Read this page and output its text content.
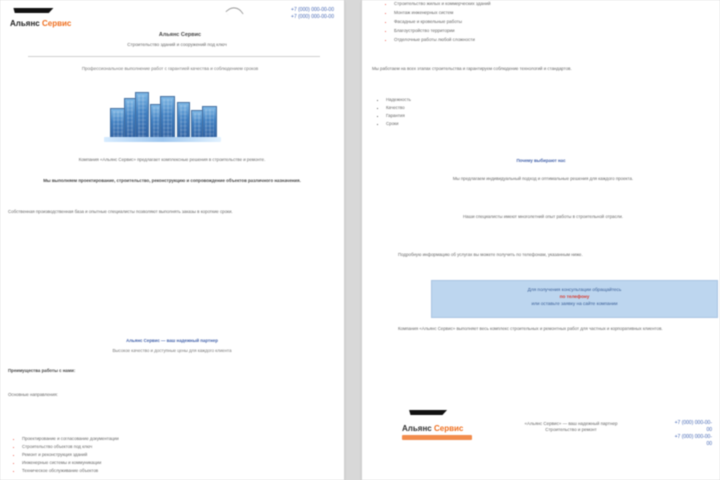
Альянс Сервис
+7 (000) 000-00-00
+7 (000) 000-00-00
Альянс Сервис
Строительство зданий и сооружений под ключ
Профессиональное выполнение работ с гарантией качества и соблюдением сроков
Компания «Альянс Сервис» предлагает комплексные решения в строительстве и ремонте.
Мы выполняем проектирование, строительство, реконструкцию и сопровождение объектов различного назначения.
Собственная производственная база и опытные специалисты позволяют выполнять заказы в короткие сроки.
Альянс Сервис — ваш надежный партнер
Высокое качество и доступные цены для каждого клиента
Преимущества работы с нами:
Основные направления:
• Проектирование и согласование документации
• Строительство объектов под ключ
• Ремонт и реконструкция зданий
• Инженерные системы и коммуникации
• Техническое обслуживание объектов
• Строительство жилых и коммерческих зданий
• Монтаж инженерных систем
• Фасадные и кровельные работы
• Благоустройство территории
• Отделочные работы любой сложности
Мы работаем на всех этапах строительства и гарантируем соблюдение технологий и стандартов.
• Надежность
• Качество
• Гарантия
• Сроки
Почему выбирают нас
Мы предлагаем индивидуальный подход и оптимальные решения для каждого проекта.
Наши специалисты имеют многолетний опыт работы в строительной отрасли.
Подробную информацию об услугах вы можете получить по телефонам, указанным ниже.
Для получения консультации обращайтесь
по телефону
или оставьте заявку на сайте компании
Компания «Альянс Сервис» выполняет весь комплекс строительных и ремонтных работ для частных и корпоративных клиентов.
Альянс Сервис
«Альянс Сервис» — ваш надежный партнер
Строительство и ремонт
+7 (000) 000-00-00
+7 (000) 000-00-00
